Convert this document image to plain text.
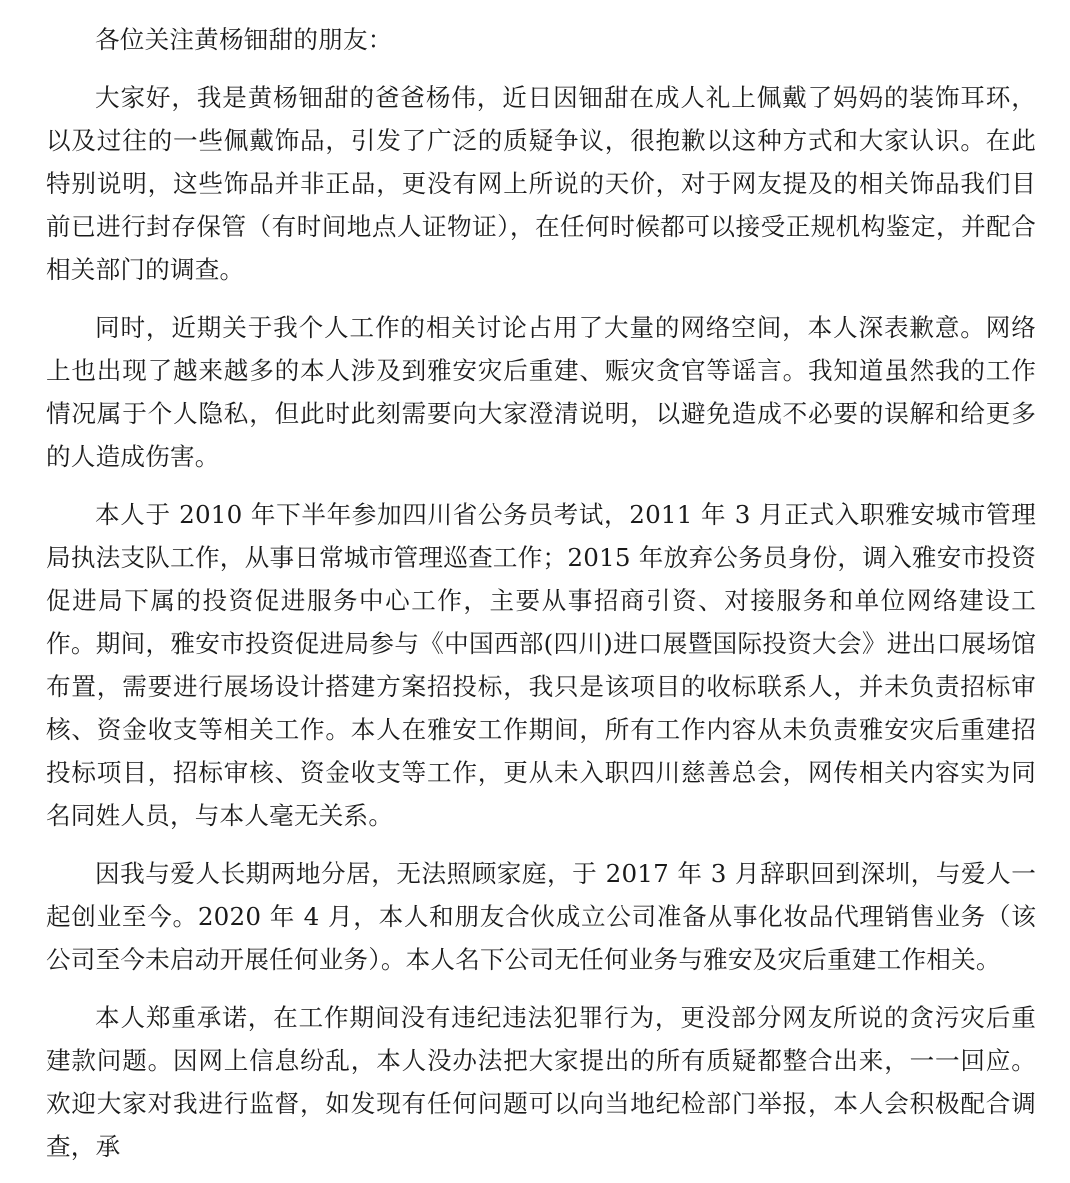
各位关注黄杨钿甜的朋友：

大家好，我是黄杨钿甜的爸爸杨伟，近日因钿甜在成人礼上佩戴了妈妈的装饰耳环，以及过往的一些佩戴饰品，引发了广泛的质疑争议，很抱歉以这种方式和大家认识。在此特别说明，这些饰品并非正品，更没有网上所说的天价，对于网友提及的相关饰品我们目前已进行封存保管（有时间地点人证物证），在任何时候都可以接受正规机构鉴定，并配合相关部门的调查。

同时，近期关于我个人工作的相关讨论占用了大量的网络空间，本人深表歉意。网络上也出现了越来越多的本人涉及到雅安灾后重建、赈灾贪官等谣言。我知道虽然我的工作情况属于个人隐私，但此时此刻需要向大家澄清说明，以避免造成不必要的误解和给更多的人造成伤害。

本人于 2010 年下半年参加四川省公务员考试，2011 年 3 月正式入职雅安城市管理局执法支队工作，从事日常城市管理巡查工作；2015 年放弃公务员身份，调入雅安市投资促进局下属的投资促进服务中心工作，主要从事招商引资、对接服务和单位网络建设工作。期间，雅安市投资促进局参与《中国西部(四川)进口展暨国际投资大会》进出口展场馆布置，需要进行展场设计搭建方案招投标，我只是该项目的收标联系人，并未负责招标审核、资金收支等相关工作。本人在雅安工作期间，所有工作内容从未负责雅安灾后重建招投标项目，招标审核、资金收支等工作，更从未入职四川慈善总会，网传相关内容实为同名同姓人员，与本人毫无关系。

因我与爱人长期两地分居，无法照顾家庭，于 2017 年 3 月辞职回到深圳，与爱人一起创业至今。2020 年 4 月，本人和朋友合伙成立公司准备从事化妆品代理销售业务（该公司至今未启动开展任何业务）。本人名下公司无任何业务与雅安及灾后重建工作相关。

本人郑重承诺，在工作期间没有违纪违法犯罪行为，更没部分网友所说的贪污灾后重建款问题。因网上信息纷乱，本人没办法把大家提出的所有质疑都整合出来，一一回应。欢迎大家对我进行监督，如发现有任何问题可以向当地纪检部门举报，本人会积极配合调查，承
